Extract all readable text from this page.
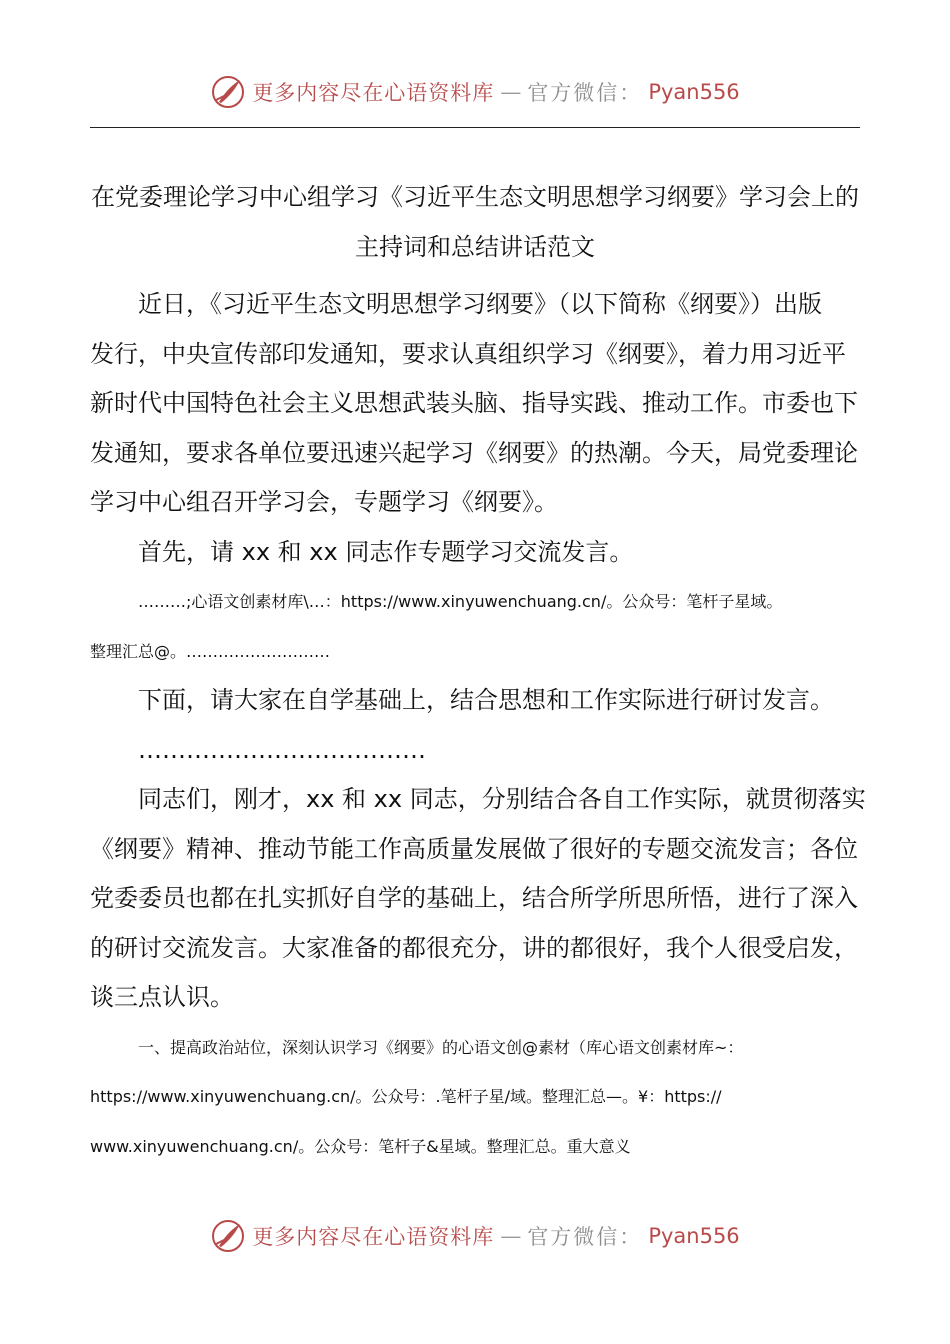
更多内容尽在心语资料库 — 官方微信： Pyan556
在党委理论学习中心组学习《习近平生态文明思想学习纲要》学习会上的
主持词和总结讲话范文

近日，《习近平生态文明思想学习纲要》（以下简称《纲要》）出版
发行，中央宣传部印发通知，要求认真组织学习《纲要》，着力用习近平
新时代中国特色社会主义思想武装头脑、指导实践、推动工作。市委也下
发通知，要求各单位要迅速兴起学习《纲要》的热潮。今天，局党委理论
学习中心组召开学习会，专题学习《纲要》。

首先，请 xx 和 xx 同志作专题学习交流发言。

………;心语文创素材库\…：https://www.xinyuwenchuang.cn/。公众号：笔杆子星域。
整理汇总@。………………………

下面，请大家在自学基础上，结合思想和工作实际进行研讨发言。

………………………………

同志们，刚才，xx 和 xx 同志，分别结合各自工作实际，就贯彻落实
《纲要》精神、推动节能工作高质量发展做了很好的专题交流发言；各位
党委委员也都在扎实抓好自学的基础上，结合所学所思所悟，进行了深入
的研讨交流发言。大家准备的都很充分，讲的都很好，我个人很受启发，
谈三点认识。

一、提高政治站位，深刻认识学习《纲要》的心语文创@素材（库心语文创素材库~：
https://www.xinyuwenchuang.cn/。公众号：.笔杆子星/域。整理汇总—。¥：https://
www.xinyuwenchuang.cn/。公众号：笔杆子&星域。整理汇总。重大意义

更多内容尽在心语资料库 — 官方微信： Pyan556
